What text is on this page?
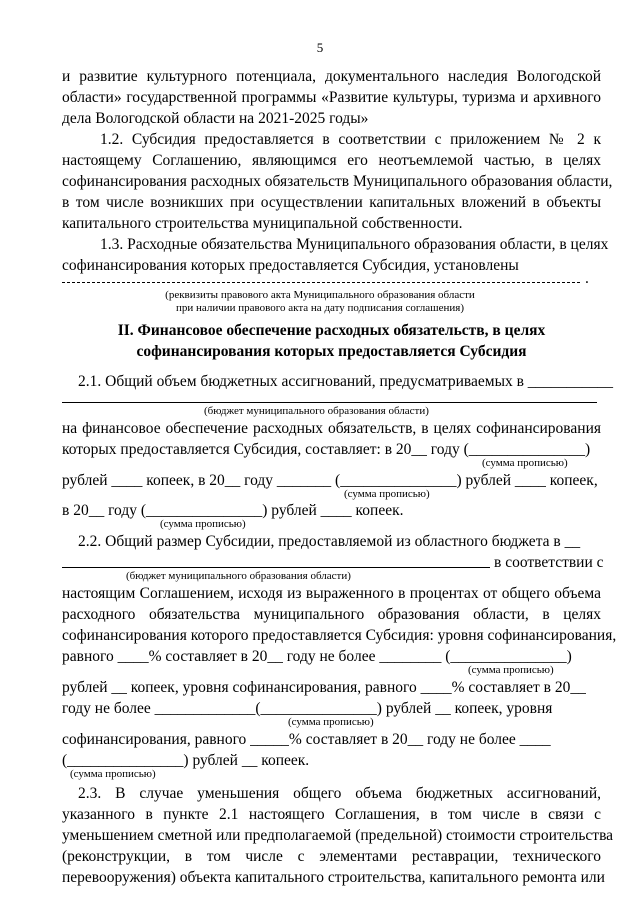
5
и развитие культурного потенциала, документального наследия Вологодской
области» государственной программы «Развитие культуры, туризма и архивного
дела Вологодской области на 2021-2025 годы»
1.2. Субсидия предоставляется в соответствии с приложением № 2 к
настоящему Соглашению, являющимся его неотъемлемой частью, в целях
софинансирования расходных обязательств Муниципального образования области,
в том числе возникших при осуществлении капитальных вложений в объекты
капитального строительства муниципальной собственности.
1.3. Расходные обязательства Муниципального образования области, в целях
софинансирования которых предоставляется Субсидия, установлены
.
(реквизиты правового акта Муниципального образования области
при наличии правового акта на дату подписания соглашения)
II. Финансовое обеспечение расходных обязательств, в целях
софинансирования которых предоставляется Субсидия
2.1. Общий объем бюджетных ассигнований, предусматриваемых в ___________
(бюджет муниципального образования области)
на финансовое обеспечение расходных обязательств, в целях софинансирования
которых предоставляется Субсидия, составляет: в 20__ году (_______________)
(сумма прописью)
рублей ____ копеек, в 20__ году _______ (_______________) рублей ____ копеек,
(сумма прописью)
в 20__ году (_______________) рублей ____ копеек.
(сумма прописью)
2.2. Общий размер Субсидии, предоставляемой из областного бюджета в __
в соответствии с
(бюджет муниципального образования области)
настоящим Соглашением, исходя из выраженного в процентах от общего объема
расходного обязательства муниципального образования области, в целях
софинансирования которого предоставляется Субсидия: уровня софинансирования,
равного ____% составляет в 20__ году не более ________ (_______________)
(сумма прописью)
рублей __ копеек, уровня софинансирования, равного ____% составляет в 20__
году не более _____________(_______________) рублей __ копеек, уровня
(сумма прописью)
софинансирования, равного _____% составляет в 20__ году не более ____
(_______________) рублей __ копеек.
(сумма прописью)
2.3. В случае уменьшения общего объема бюджетных ассигнований,
указанного в пункте 2.1 настоящего Соглашения, в том числе в связи с
уменьшением сметной или предполагаемой (предельной) стоимости строительства
(реконструкции, в том числе с элементами реставрации, технического
перевооружения) объекта капитального строительства, капитального ремонта или
